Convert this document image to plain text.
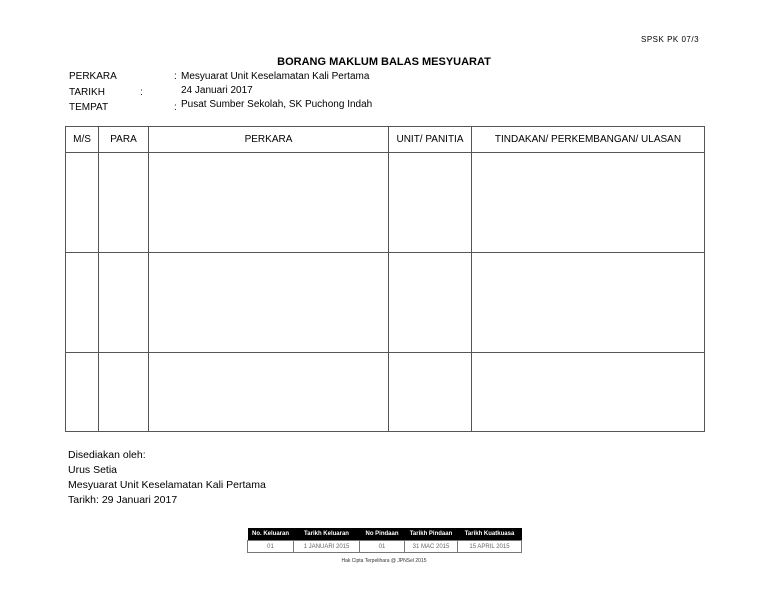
SPSK PK 07/3
BORANG MAKLUM BALAS MESYUARAT
PERKARA	: Mesyuarat Unit Keselamatan Kali Pertama
TARIKH	:	24 Januari 2017
TEMPAT	: Pusat Sumber Sekolah, SK Puchong Indah
M/S	PARA	PERKARA	UNIT/ PANITIA	TINDAKAN/ PERKEMBANGAN/ ULASAN

Disediakan oleh:
Urus Setia
Mesyuarat Unit Keselamatan Kali Pertama
Tarikh: 29 Januari 2017
No. Keluaran	Tarikh Keluaran	No Pindaan	Tarikh Pindaan	Tarikh Kuatkuasa
01	1 JANUARI 2015	01	31 MAC 2015	15 APRIL 2015
Hak Cipta Terpelihara @ JPNSel 2015
